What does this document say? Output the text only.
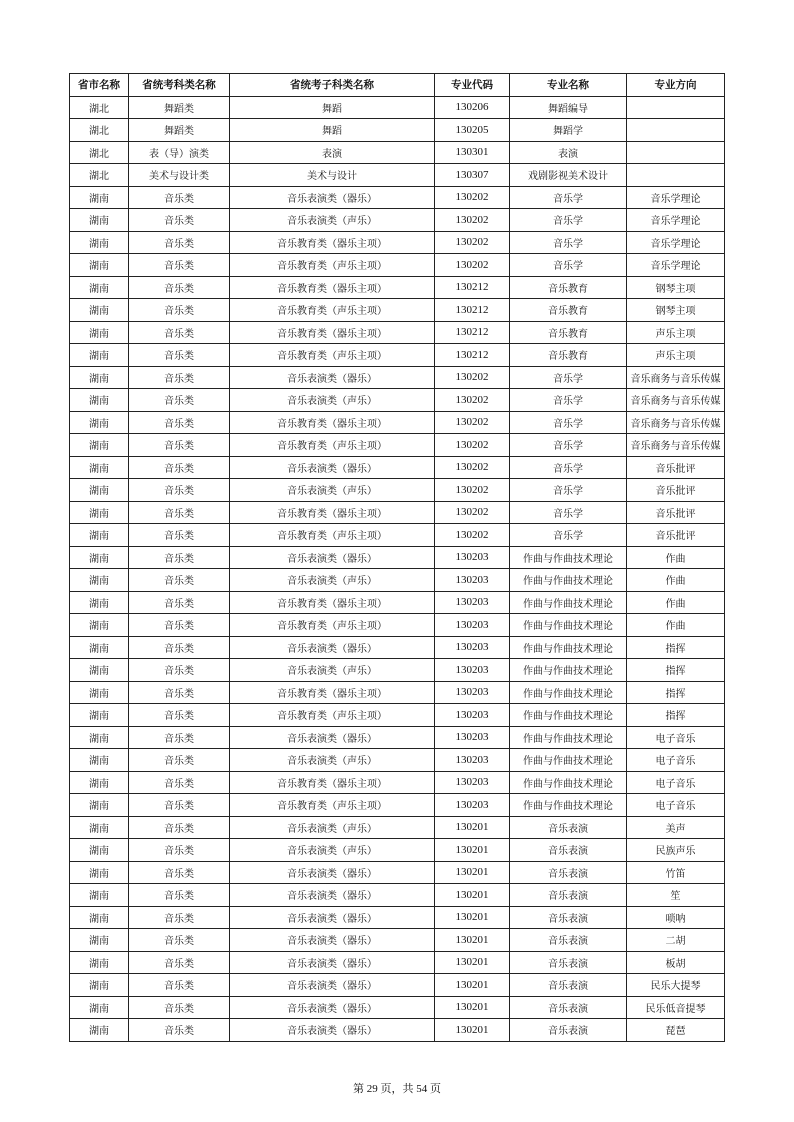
省市名称	省统考科类名称	省统考子科类名称	专业代码	专业名称	专业方向
湖北	舞蹈类	舞蹈	130206	舞蹈编导	
湖北	舞蹈类	舞蹈	130205	舞蹈学	
湖北	表（导）演类	表演	130301	表演	
湖北	美术与设计类	美术与设计	130307	戏剧影视美术设计	
湖南	音乐类	音乐表演类（器乐）	130202	音乐学	音乐学理论
湖南	音乐类	音乐表演类（声乐）	130202	音乐学	音乐学理论
湖南	音乐类	音乐教育类（器乐主项）	130202	音乐学	音乐学理论
湖南	音乐类	音乐教育类（声乐主项）	130202	音乐学	音乐学理论
湖南	音乐类	音乐教育类（器乐主项）	130212	音乐教育	钢琴主项
湖南	音乐类	音乐教育类（声乐主项）	130212	音乐教育	钢琴主项
湖南	音乐类	音乐教育类（器乐主项）	130212	音乐教育	声乐主项
湖南	音乐类	音乐教育类（声乐主项）	130212	音乐教育	声乐主项
湖南	音乐类	音乐表演类（器乐）	130202	音乐学	音乐商务与音乐传媒
湖南	音乐类	音乐表演类（声乐）	130202	音乐学	音乐商务与音乐传媒
湖南	音乐类	音乐教育类（器乐主项）	130202	音乐学	音乐商务与音乐传媒
湖南	音乐类	音乐教育类（声乐主项）	130202	音乐学	音乐商务与音乐传媒
湖南	音乐类	音乐表演类（器乐）	130202	音乐学	音乐批评
湖南	音乐类	音乐表演类（声乐）	130202	音乐学	音乐批评
湖南	音乐类	音乐教育类（器乐主项）	130202	音乐学	音乐批评
湖南	音乐类	音乐教育类（声乐主项）	130202	音乐学	音乐批评
湖南	音乐类	音乐表演类（器乐）	130203	作曲与作曲技术理论	作曲
湖南	音乐类	音乐表演类（声乐）	130203	作曲与作曲技术理论	作曲
湖南	音乐类	音乐教育类（器乐主项）	130203	作曲与作曲技术理论	作曲
湖南	音乐类	音乐教育类（声乐主项）	130203	作曲与作曲技术理论	作曲
湖南	音乐类	音乐表演类（器乐）	130203	作曲与作曲技术理论	指挥
湖南	音乐类	音乐表演类（声乐）	130203	作曲与作曲技术理论	指挥
湖南	音乐类	音乐教育类（器乐主项）	130203	作曲与作曲技术理论	指挥
湖南	音乐类	音乐教育类（声乐主项）	130203	作曲与作曲技术理论	指挥
湖南	音乐类	音乐表演类（器乐）	130203	作曲与作曲技术理论	电子音乐
湖南	音乐类	音乐表演类（声乐）	130203	作曲与作曲技术理论	电子音乐
湖南	音乐类	音乐教育类（器乐主项）	130203	作曲与作曲技术理论	电子音乐
湖南	音乐类	音乐教育类（声乐主项）	130203	作曲与作曲技术理论	电子音乐
湖南	音乐类	音乐表演类（声乐）	130201	音乐表演	美声
湖南	音乐类	音乐表演类（声乐）	130201	音乐表演	民族声乐
湖南	音乐类	音乐表演类（器乐）	130201	音乐表演	竹笛
湖南	音乐类	音乐表演类（器乐）	130201	音乐表演	笙
湖南	音乐类	音乐表演类（器乐）	130201	音乐表演	唢呐
湖南	音乐类	音乐表演类（器乐）	130201	音乐表演	二胡
湖南	音乐类	音乐表演类（器乐）	130201	音乐表演	板胡
湖南	音乐类	音乐表演类（器乐）	130201	音乐表演	民乐大提琴
湖南	音乐类	音乐表演类（器乐）	130201	音乐表演	民乐低音提琴
湖南	音乐类	音乐表演类（器乐）	130201	音乐表演	琵琶
第 29 页，共 54 页
